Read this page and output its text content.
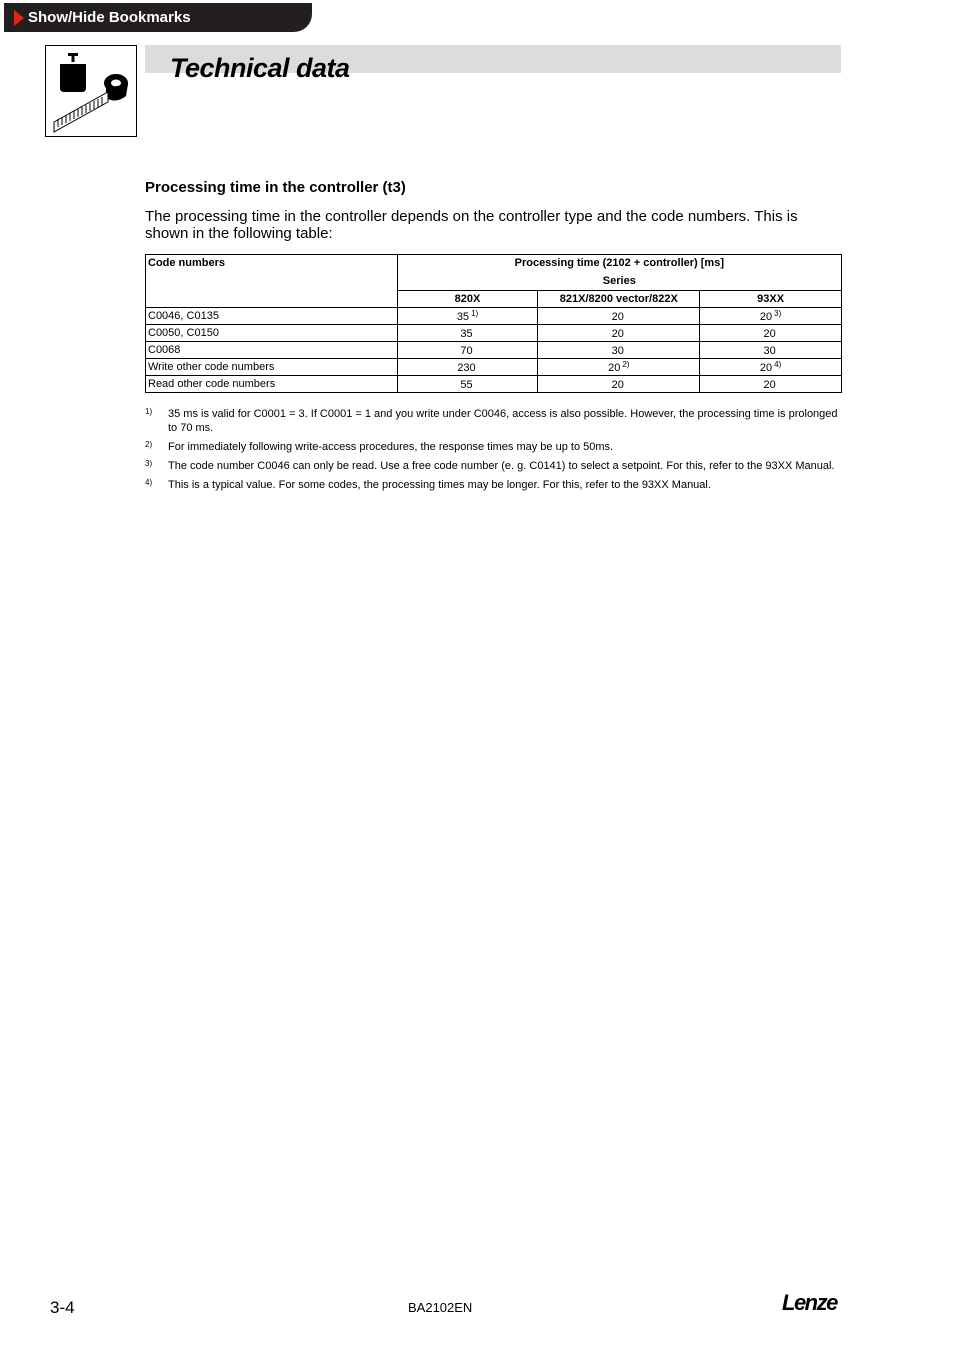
Show/Hide Bookmarks
Technical data
Processing time in the controller (t3)
The processing time in the controller depends on the controller type and the code numbers. This is shown in the following table:
Code numbers	Processing time (2102 + controller) [ms]		
	Series		
	820X	821X/8200 vector/822X	93XX
C0046, C0135	35 $^{1)}$	20	20 $^{3)}$
C0050, C0150	35	20	20
C0068	70	30	30
Write other code numbers	230	20 $^{2)}$	20 $^{4)}$
Read other code numbers	55	20	20
1) 35 ms is valid for C0001 = 3. If C0001 = 1 and you write under C0046, access is also possible. However, the processing time is prolonged to 70 ms.
2) For immediately following write-access procedures, the response times may be up to 50ms.
3) The code number C0046 can only be read. Use a free code number (e. g. C0141) to select a setpoint. For this, refer to the 93XX Manual.
4) This is a typical value. For some codes, the processing times may be longer. For this, refer to the 93XX Manual.
3-4	BA2102EN	Lenze
